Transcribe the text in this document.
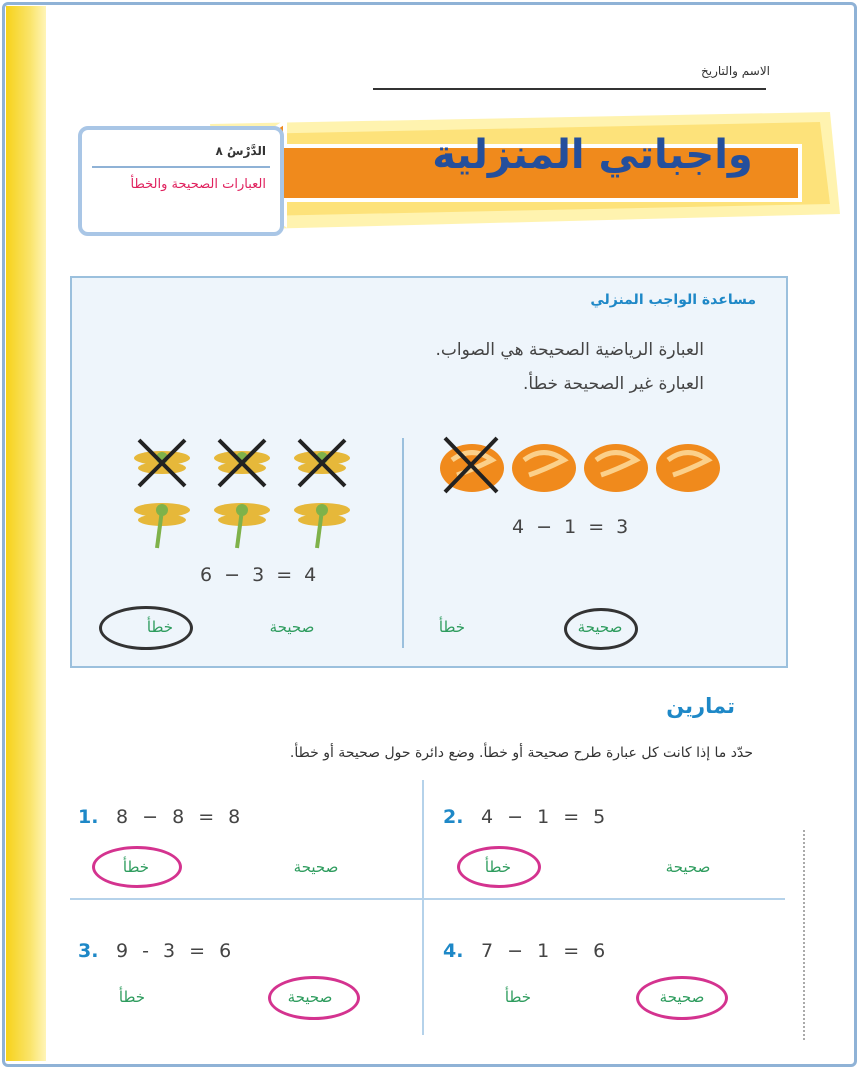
الاسم والتاريخ
واجباتي المنزلية
الدَّرْسُ ٨
العبارات الصحيحة والخطأ
مساعدة الواجب المنزلي
العبارة الرياضية الصحيحة هي الصواب.
العبارة غير الصحيحة خطأ.
4 − 1 = 3
صحيحة
خطأ
6 − 3 = 4
صحيحة
خطأ
تمارين
حدّد ما إذا كانت كل عبارة طرح صحيحة أو خطأ. وضع دائرة حول صحيحة أو خطأ.
1. 8 − 8 = 8
صحيحة
خطأ
2. 4 − 1 = 5
صحيحة
خطأ
3. 9 - 3 = 6
صحيحة
خطأ
4. 7 − 1 = 6
صحيحة
خطأ
